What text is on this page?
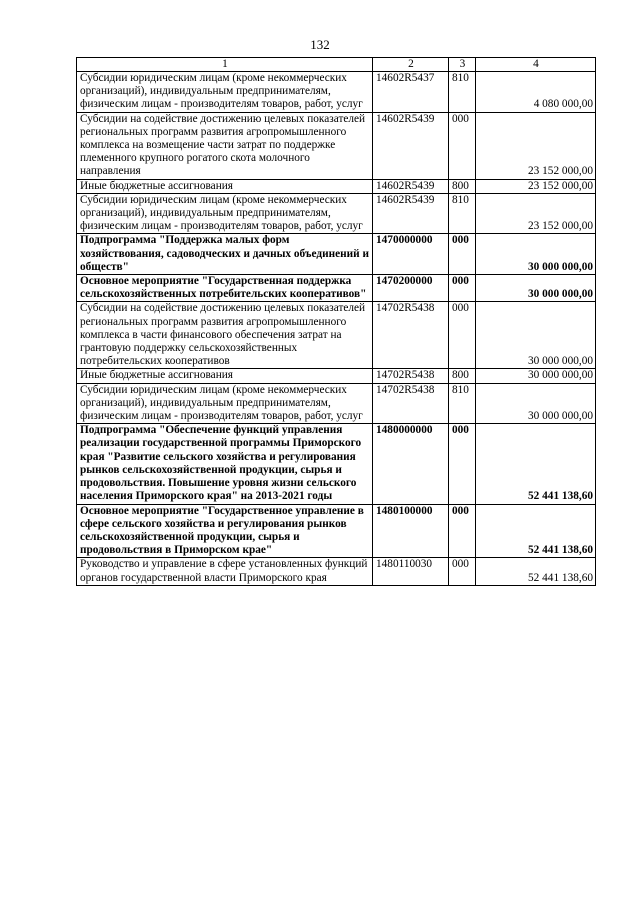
132
1	2	3	4
Субсидии юридическим лицам (кроме некоммерческих организаций), индивидуальным предпринимателям, физическим лицам - производителям товаров, работ, услуг	14602R5437	810	4 080 000,00
Субсидии на содействие достижению целевых показателей региональных программ развития агропромышленного комплекса на возмещение части затрат по поддержке племенного крупного рогатого скота молочного направления	14602R5439	000	23 152 000,00
Иные бюджетные ассигнования	14602R5439	800	23 152 000,00
Субсидии юридическим лицам (кроме некоммерческих организаций), индивидуальным предпринимателям, физическим лицам - производителям товаров, работ, услуг	14602R5439	810	23 152 000,00
Подпрограмма "Поддержка малых форм хозяйствования, садоводческих и дачных объединений и обществ"	1470000000	000	30 000 000,00
Основное мероприятие "Государственная поддержка сельскохозяйственных потребительских кооперативов"	1470200000	000	30 000 000,00
Субсидии на содействие достижению целевых показателей региональных программ развития агропромышленного комплекса в части финансового обеспечения затрат на грантовую поддержку сельскохозяйственных потребительских кооперативов	14702R5438	000	30 000 000,00
Иные бюджетные ассигнования	14702R5438	800	30 000 000,00
Субсидии юридическим лицам (кроме некоммерческих организаций), индивидуальным предпринимателям, физическим лицам - производителям товаров, работ, услуг	14702R5438	810	30 000 000,00
Подпрограмма "Обеспечение функций управления реализации государственной программы Приморского края "Развитие сельского хозяйства и регулирования рынков сельскохозяйственной продукции, сырья и продовольствия. Повышение уровня жизни сельского населения Приморского края" на 2013-2021 годы	1480000000	000	52 441 138,60
Основное мероприятие "Государственное управление в сфере сельского хозяйства и регулирования рынков сельскохозяйственной продукции, сырья и продовольствия в Приморском крае"	1480100000	000	52 441 138,60
Руководство и управление в сфере установленных функций органов государственной власти Приморского края	1480110030	000	52 441 138,60
